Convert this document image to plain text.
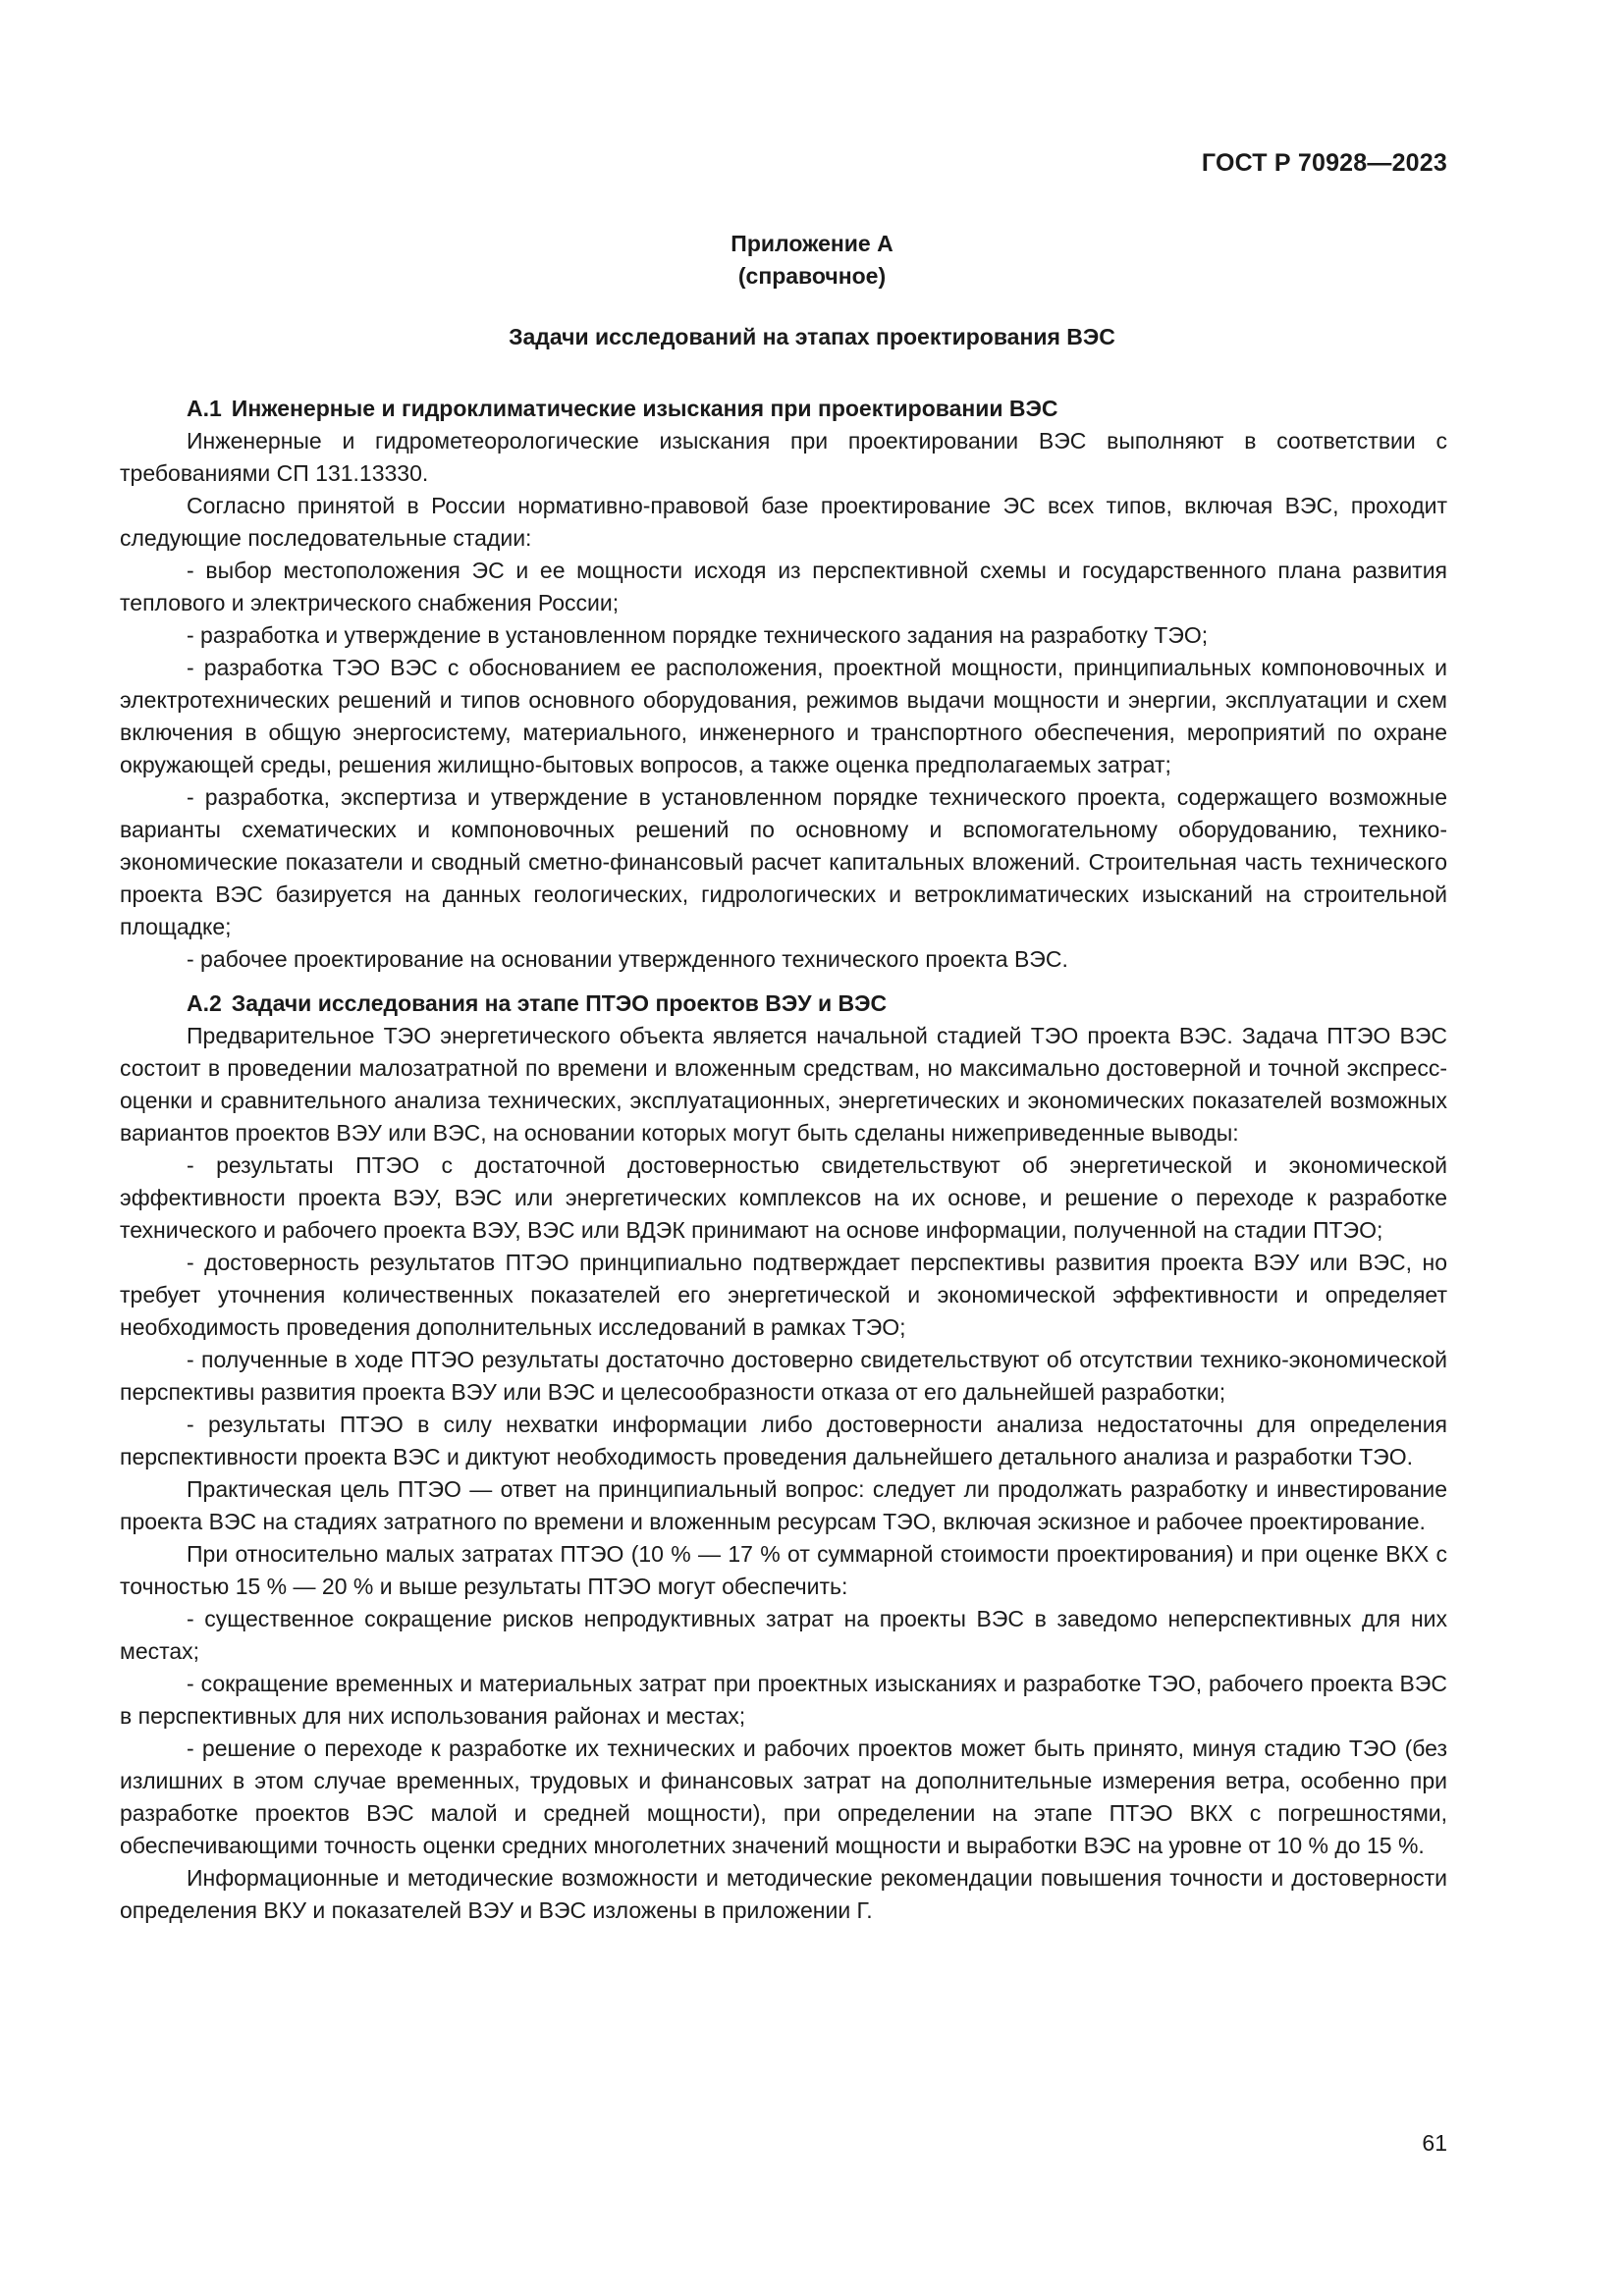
ГОСТ Р 70928—2023
Приложение А
(справочное)
Задачи исследований на этапах проектирования ВЭС
А.1 Инженерные и гидроклиматические изыскания при проектировании ВЭС

Инженерные и гидрометеорологические изыскания при проектировании ВЭС выполняют в соответствии с требованиями СП 131.13330.

Согласно принятой в России нормативно-правовой базе проектирование ЭС всех типов, включая ВЭС, проходит следующие последовательные стадии:

- выбор местоположения ЭС и ее мощности исходя из перспективной схемы и государственного плана развития теплового и электрического снабжения России;

- разработка и утверждение в установленном порядке технического задания на разработку ТЭО;

- разработка ТЭО ВЭС с обоснованием ее расположения, проектной мощности, принципиальных компоновочных и электротехнических решений и типов основного оборудования, режимов выдачи мощности и энергии, эксплуатации и схем включения в общую энергосистему, материального, инженерного и транспортного обеспечения, мероприятий по охране окружающей среды, решения жилищно-бытовых вопросов, а также оценка предполагаемых затрат;

- разработка, экспертиза и утверждение в установленном порядке технического проекта, содержащего возможные варианты схематических и компоновочных решений по основному и вспомогательному оборудованию, технико-экономические показатели и сводный сметно-финансовый расчет капитальных вложений. Строительная часть технического проекта ВЭС базируется на данных геологических, гидрологических и ветроклиматических изысканий на строительной площадке;

- рабочее проектирование на основании утвержденного технического проекта ВЭС.

А.2 Задачи исследования на этапе ПТЭО проектов ВЭУ и ВЭС

Предварительное ТЭО энергетического объекта является начальной стадией ТЭО проекта ВЭС. Задача ПТЭО ВЭС состоит в проведении малозатратной по времени и вложенным средствам, но максимально достоверной и точной экспресс-оценки и сравнительного анализа технических, эксплуатационных, энергетических и экономических показателей возможных вариантов проектов ВЭУ или ВЭС, на основании которых могут быть сделаны нижеприведенные выводы:

- результаты ПТЭО с достаточной достоверностью свидетельствуют об энергетической и экономической эффективности проекта ВЭУ, ВЭС или энергетических комплексов на их основе, и решение о переходе к разработке технического и рабочего проекта ВЭУ, ВЭС или ВДЭК принимают на основе информации, полученной на стадии ПТЭО;

- достоверность результатов ПТЭО принципиально подтверждает перспективы развития проекта ВЭУ или ВЭС, но требует уточнения количественных показателей его энергетической и экономической эффективности и определяет необходимость проведения дополнительных исследований в рамках ТЭО;

- полученные в ходе ПТЭО результаты достаточно достоверно свидетельствуют об отсутствии технико-экономической перспективы развития проекта ВЭУ или ВЭС и целесообразности отказа от его дальнейшей разработки;

- результаты ПТЭО в силу нехватки информации либо достоверности анализа недостаточны для определения перспективности проекта ВЭС и диктуют необходимость проведения дальнейшего детального анализа и разработки ТЭО.

Практическая цель ПТЭО — ответ на принципиальный вопрос: следует ли продолжать разработку и инвестирование проекта ВЭС на стадиях затратного по времени и вложенным ресурсам ТЭО, включая эскизное и рабочее проектирование.

При относительно малых затратах ПТЭО (10 % — 17 % от суммарной стоимости проектирования) и при оценке ВКХ с точностью 15 % — 20 % и выше результаты ПТЭО могут обеспечить:

- существенное сокращение рисков непродуктивных затрат на проекты ВЭС в заведомо неперспективных для них местах;

- сокращение временных и материальных затрат при проектных изысканиях и разработке ТЭО, рабочего проекта ВЭС в перспективных для них использования районах и местах;

- решение о переходе к разработке их технических и рабочих проектов может быть принято, минуя стадию ТЭО (без излишних в этом случае временных, трудовых и финансовых затрат на дополнительные измерения ветра, особенно при разработке проектов ВЭС малой и средней мощности), при определении на этапе ПТЭО ВКХ с погрешностями, обеспечивающими точность оценки средних многолетних значений мощности и выработки ВЭС на уровне от 10 % до 15 %.

Информационные и методические возможности и методические рекомендации повышения точности и достоверности определения ВКУ и показателей ВЭУ и ВЭС изложены в приложении Г.

61
